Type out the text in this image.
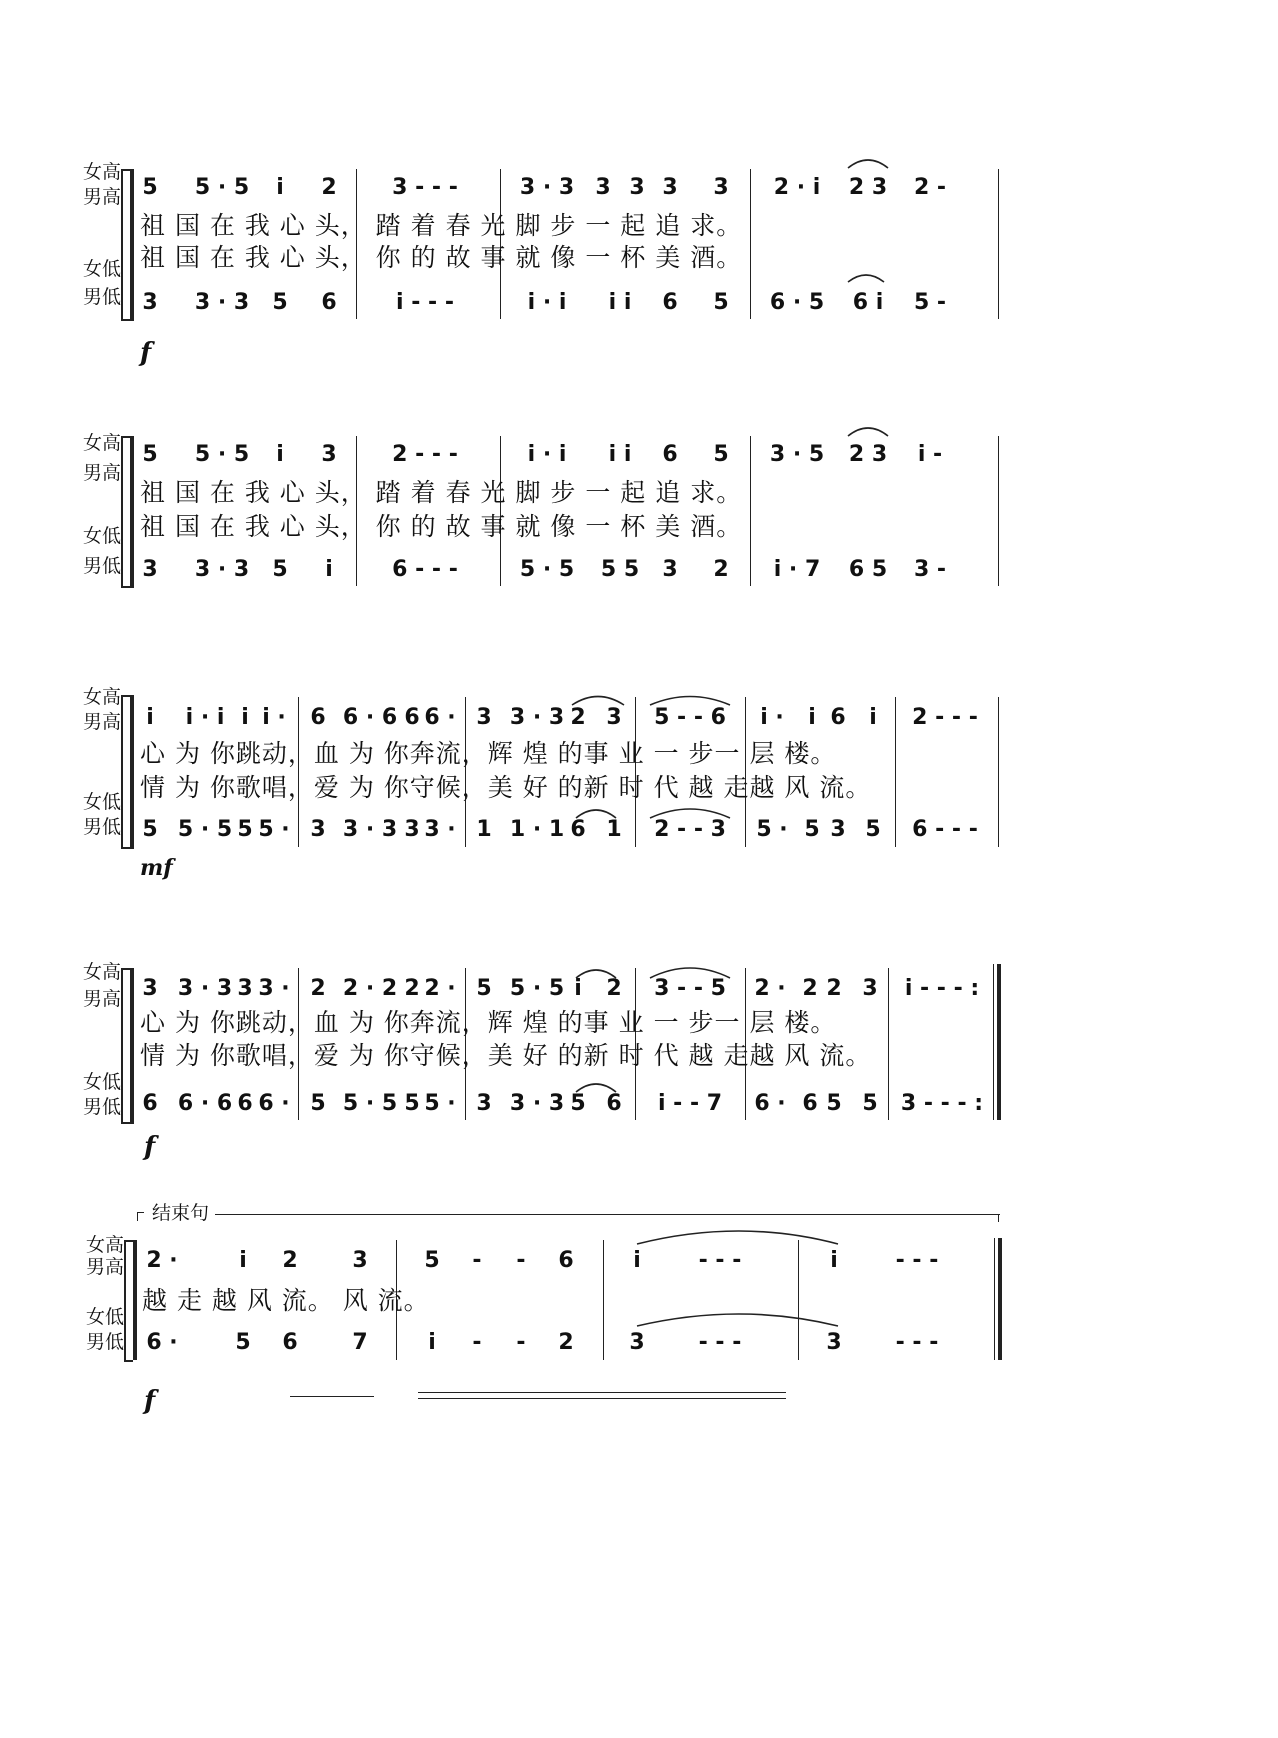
女高
男高
女低
男低
5 5 · 5 i 2	3 - - -	3 · 3 3 3 3 3 2 · i 2 3 2 -
祖 国 在 我 心 头， 踏 着 春 光 脚 步 一 起 追 求。
祖 国 在 我 心 头， 你 的 故 事 就 像 一 杯 美 酒。
3 3 · 3 5 6	i - - -	i · i i i 6 5 6 · 5 6 i 5 -
f
女高
男高
女低
男低
5 5 · 5 i 3	2 - - -	i · i i i 6 5 3 · 5 2 3 i -
祖 国 在 我 心 头， 踏 着 春 光 脚 步 一 起 追 求。
祖 国 在 我 心 头， 你 的 故 事 就 像 一 杯 美 酒。
3 3 · 3 5 i	6 - - -	5 · 5 5 5 3 2 i · 7 6 5 3 -
女高
男高
女低
男低
i i · i i i · 6 6 · 6 6 6 · 3 3 · 3 2 3 5 - - 6 i · i 6 i 2 - - -
心 为 你跳动，血 为 你奔流，辉 煌 的事 业 一 步一 层 楼。
情 为 你歌唱，爱 为 你守候，美 好 的新 时 代 越 走越 风 流。
5 5 · 5 5 5 · 3 3 · 3 3 3 · 1 1 · 1 6 1 2 - - 3 5 · 5 3 5 6 - - -
mf
女高
男高
女低
男低
3 3 · 3 3 3 · 2 2 · 2 2 2 · 5 5 · 5 i 2 3 - - 5 2 · 2 2 3 i - - - :
心 为 你跳动，血 为 你奔流，辉 煌 的事 业 一 步一 层 楼。
情 为 你歌唱，爱 为 你守候，美 好 的新 时 代 越 走越 风 流。
6 6 · 6 6 6 · 5 5 · 5 5 5 · 3 3 · 3 5 6 i - - 7 6 · 6 5 5 3 - - - :
f
结束句
女高
男高
女低
男低
2 ·	i 2 3	5 - - 6	i	- - -	i	- - -
越 走 越 风 流。 风 流。
6 ·	5 6 7	i - - 2	3 - - -	3 - - -
f
